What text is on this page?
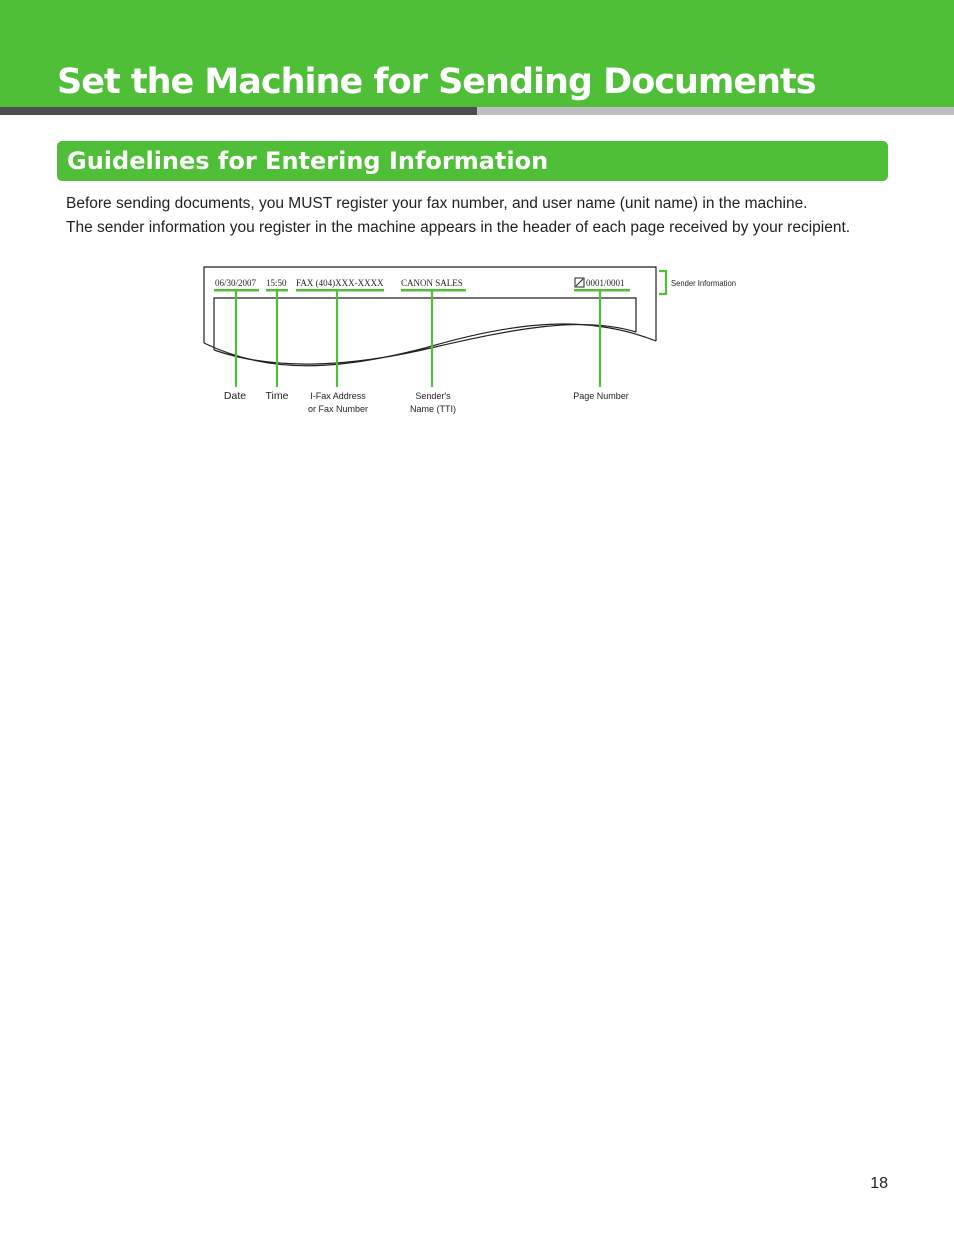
Set the Machine for Sending Documents
Guidelines for Entering Information

Before sending documents, you MUST register your fax number, and user name (unit name) in the machine.

The sender information you register in the machine appears in the header of each page received by your recipient.

06/30/2007 15:50 FAX (404)XXX-XXXX CANON SALES	0001/0001	Sender Information
Date Time I-Fax Address
or Fax Number
Sender's
Name (TTI)
Page Number
18
